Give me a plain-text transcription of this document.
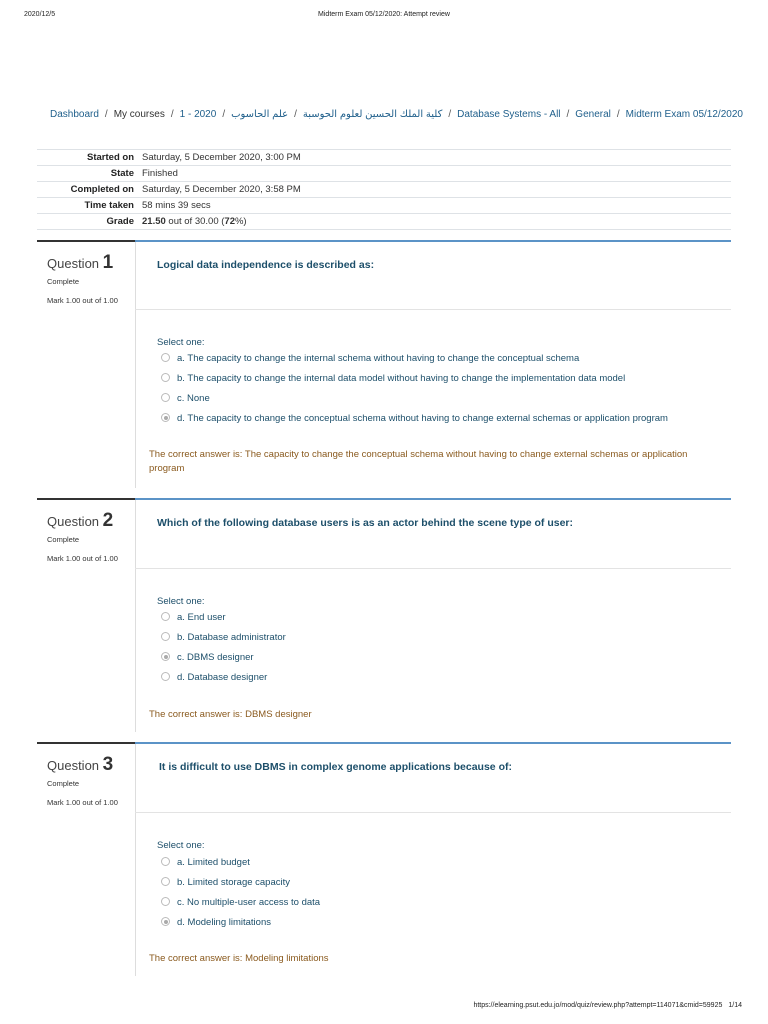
2020/12/5	Midterm Exam 05/12/2020: Attempt review
Dashboard / My courses /	كلية الملك الحسين لعلوم الحوسبة/علم الحاسوب/2020 - 1	/ Database Systems - All / General / Midterm Exam 05/12/2020
Started on	Saturday, 5 December 2020, 3:00 PM
State	Finished
Completed on	Saturday, 5 December 2020, 3:58 PM
Time taken	58 mins 39 secs
Grade	21.50 out of 30.00 (72%)
Question 1
Complete
Mark 1.00 out of 1.00
Logical data independence is described as:
Select one:
a. The capacity to change the internal schema without having to change the conceptual schema
b. The capacity to change the internal data model without having to change the implementation data model
c. None
d. The capacity to change the conceptual schema without having to change external schemas or application program
The correct answer is: The capacity to change the conceptual schema without having to change external schemas or application program
Question 2
Complete
Mark 1.00 out of 1.00
Which of the following database users is as an actor behind the scene type of user:
Select one:
a. End user
b. Database administrator
c. DBMS designer
d. Database designer
The correct answer is: DBMS designer
Question 3
Complete
Mark 1.00 out of 1.00
It is difficult to use DBMS in complex genome applications because of:
Select one:
a. Limited budget
b. Limited storage capacity
c. No multiple-user access to data
d. Modeling limitations
The correct answer is: Modeling limitations
https://elearning.psut.edu.jo/mod/quiz/review.php?attempt=114071&cmid=59925 1/14
